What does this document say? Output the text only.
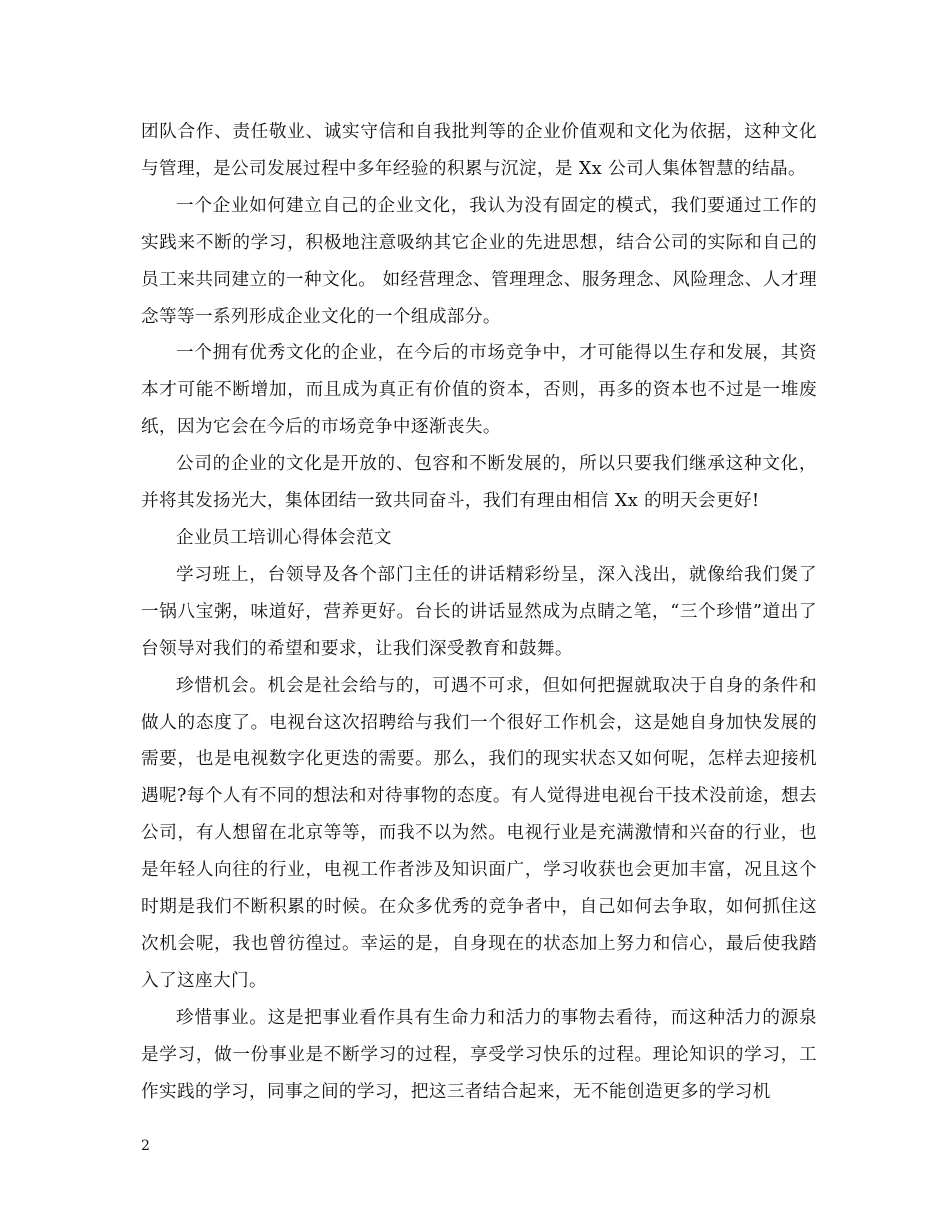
团队合作、责任敬业、诚实守信和自我批判等的企业价值观和文化为依据，这种文化与管理，是公司发展过程中多年经验的积累与沉淀，是 Xx 公司人集体智慧的结晶。

一个企业如何建立自己的企业文化，我认为没有固定的模式，我们要通过工作的实践来不断的学习，积极地注意吸纳其它企业的先进思想，结合公司的实际和自己的员工来共同建立的一种文化。 如经营理念、管理理念、服务理念、风险理念、人才理念等等一系列形成企业文化的一个组成部分。

一个拥有优秀文化的企业，在今后的市场竞争中，才可能得以生存和发展，其资本才可能不断增加，而且成为真正有价值的资本，否则，再多的资本也不过是一堆废纸，因为它会在今后的市场竞争中逐渐丧失。

公司的企业的文化是开放的、包容和不断发展的，所以只要我们继承这种文化，并将其发扬光大，集体团结一致共同奋斗，我们有理由相信 Xx 的明天会更好!

企业员工培训心得体会范文

学习班上，台领导及各个部门主任的讲话精彩纷呈，深入浅出，就像给我们煲了一锅八宝粥，味道好，营养更好。台长的讲话显然成为点睛之笔，“三个珍惜”道出了台领导对我们的希望和要求，让我们深受教育和鼓舞。

珍惜机会。机会是社会给与的，可遇不可求，但如何把握就取决于自身的条件和做人的态度了。电视台这次招聘给与我们一个很好工作机会，这是她自身加快发展的需要，也是电视数字化更迭的需要。那么，我们的现实状态又如何呢，怎样去迎接机遇呢?每个人有不同的想法和对待事物的态度。有人觉得进电视台干技术没前途，想去公司，有人想留在北京等等，而我不以为然。电视行业是充满激情和兴奋的行业，也是年轻人向往的行业，电视工作者涉及知识面广，学习收获也会更加丰富，况且这个时期是我们不断积累的时候。在众多优秀的竞争者中，自己如何去争取，如何抓住这次机会呢，我也曾彷徨过。幸运的是，自身现在的状态加上努力和信心，最后使我踏入了这座大门。

珍惜事业。这是把事业看作具有生命力和活力的事物去看待，而这种活力的源泉是学习，做一份事业是不断学习的过程，享受学习快乐的过程。理论知识的学习，工作实践的学习，同事之间的学习，把这三者结合起来，无不能创造更多的学习机

2
